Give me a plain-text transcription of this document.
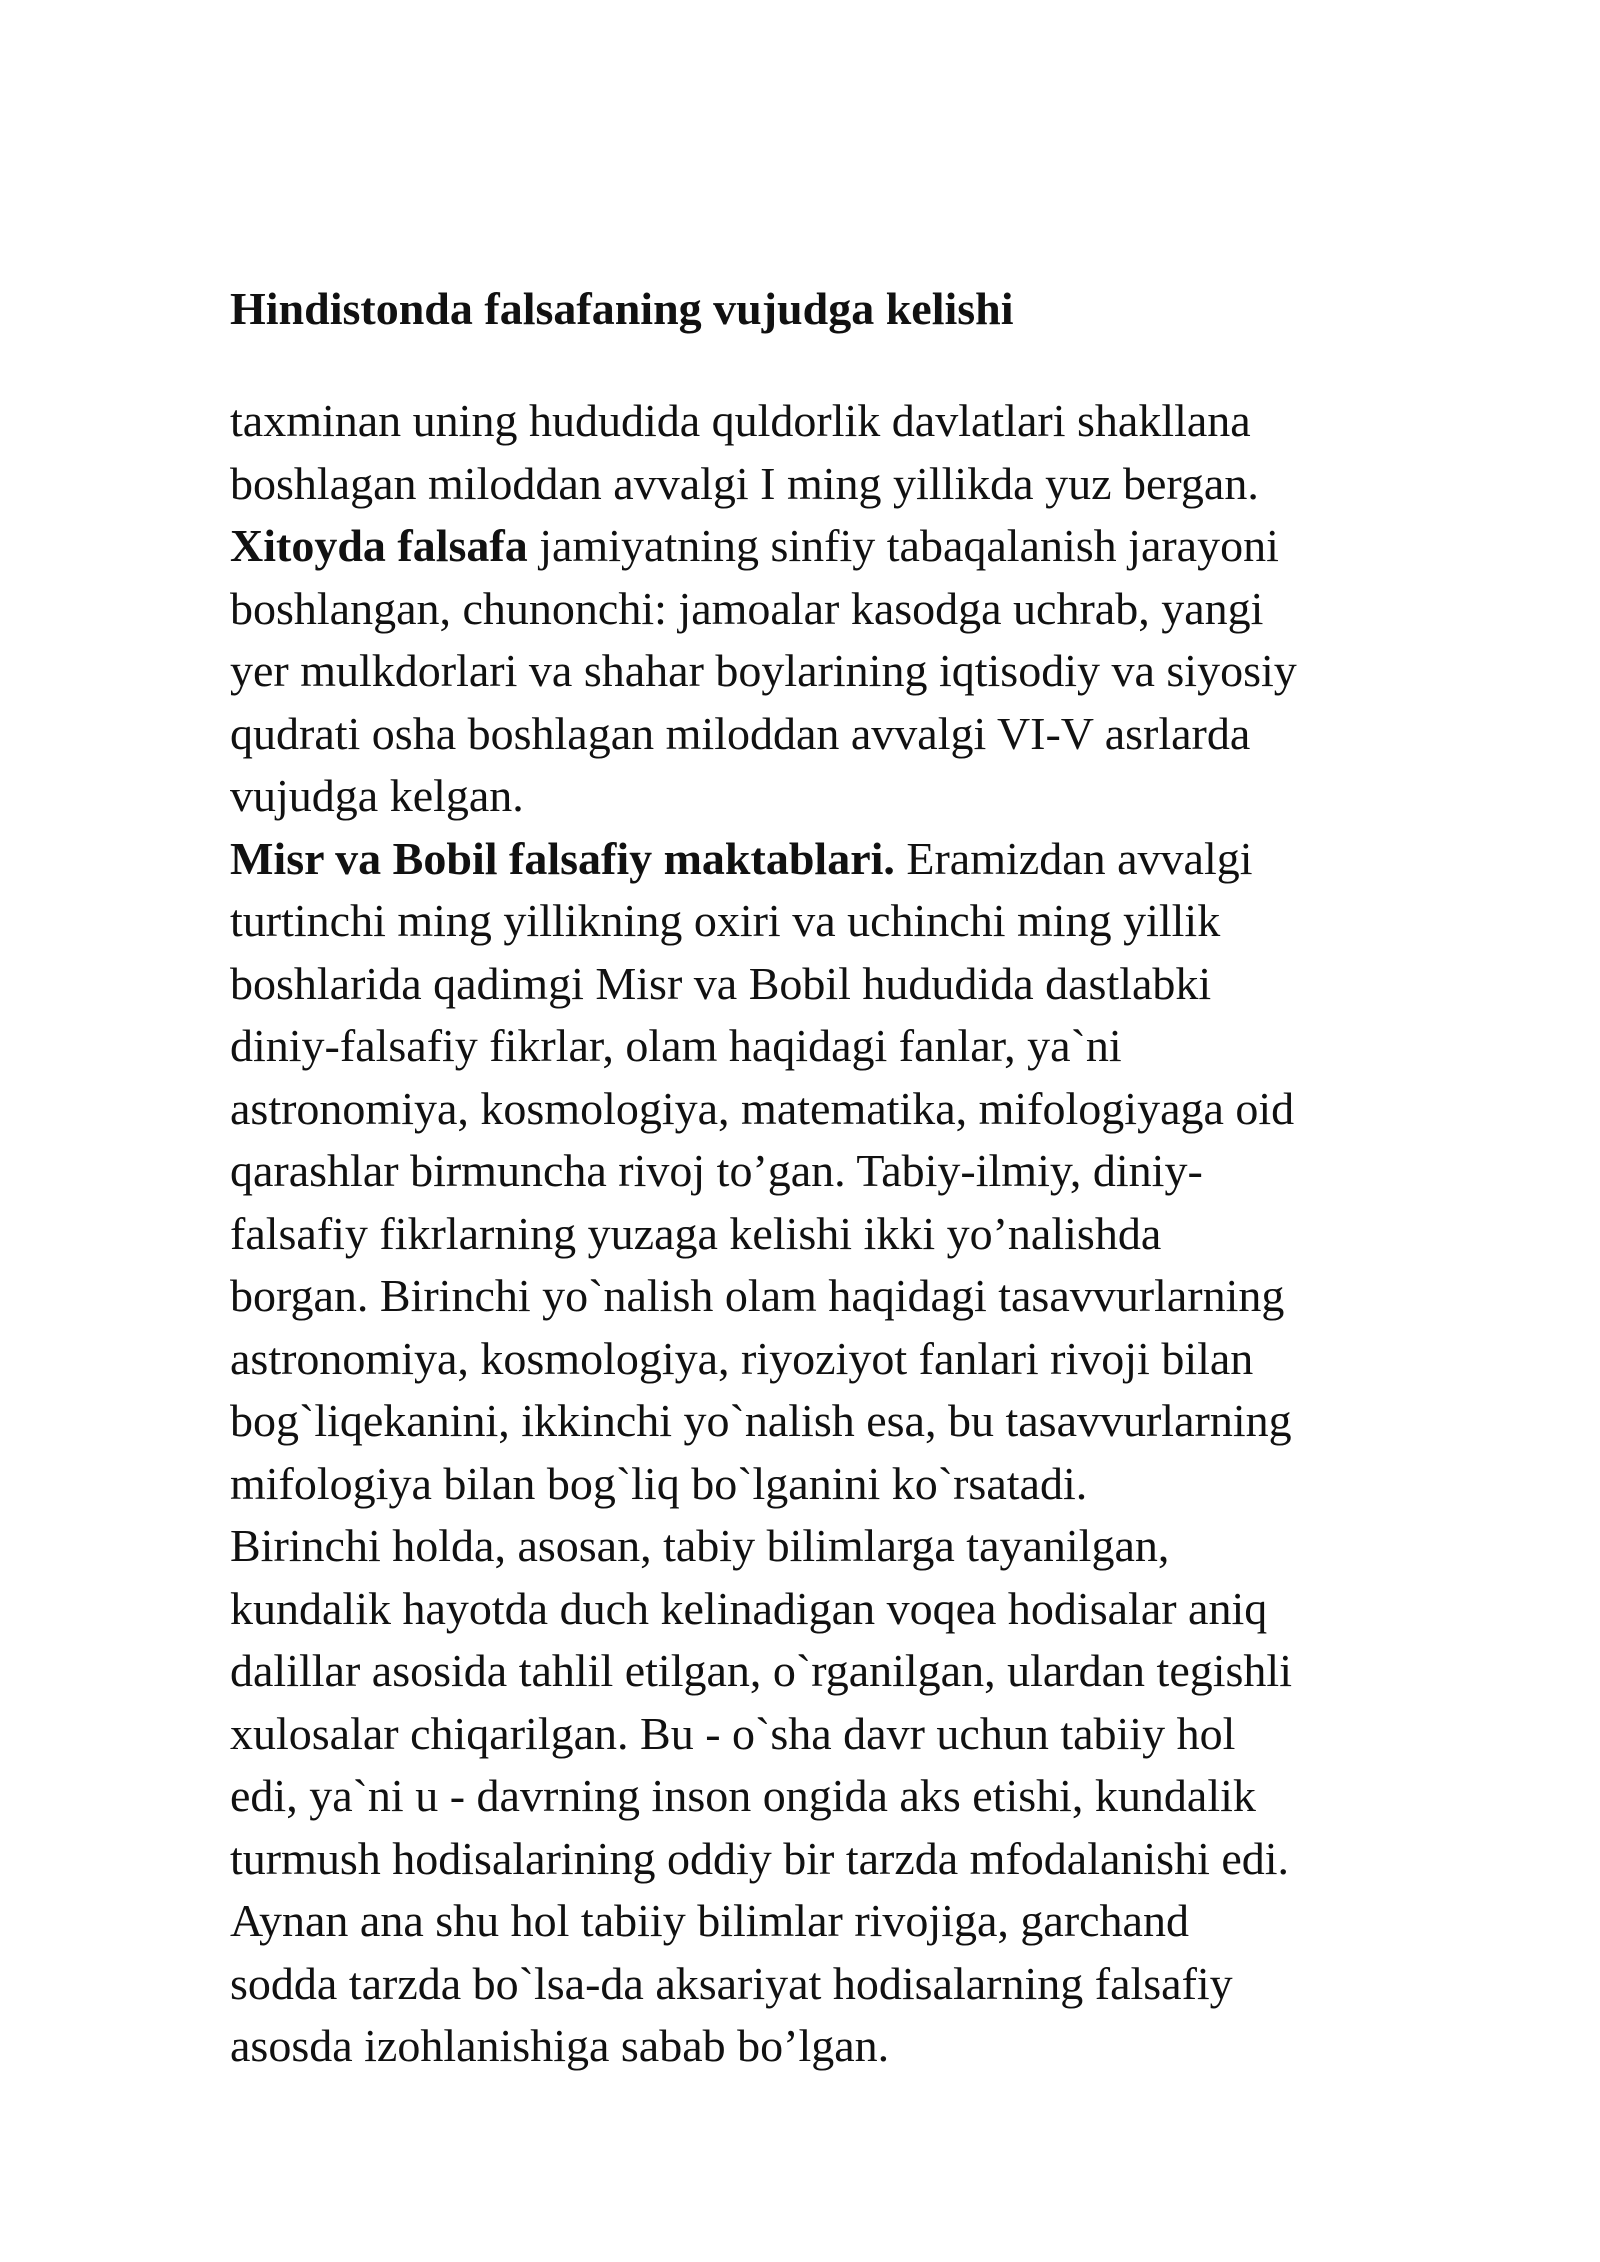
Hindistonda falsafaning vujudga kelishi

taxminan uning hududida quldorlik davlatlari shakllana

boshlagan miloddan avvalgi I ming yillikda yuz bergan.

Xitoyda falsafa jamiyatning sinfiy tabaqalanish jarayoni

boshlangan, chunonchi: jamoalar kasodga uchrab, yangi

yer mulkdorlari va shahar boylarining iqtisodiy va siyosiy

qudrati osha boshlagan miloddan avvalgi VI-V asrlarda

vujudga kelgan.

Misr va Bobil falsafiy maktablari. Eramizdan avvalgi

turtinchi ming yillikning oxiri va uchinchi ming yillik

boshlarida qadimgi Misr va Bobil hududida dastlabki

diniy-falsafiy fikrlar, olam haqidagi fanlar, ya`ni

astronomiya, kosmologiya, matematika, mifologiyaga oid

qarashlar birmuncha rivoj to’gan. Tabiy-ilmiy, diniy-

falsafiy fikrlarning yuzaga kelishi ikki yo’nalishda

borgan. Birinchi yo`nalish olam haqidagi tasavvurlarning

astronomiya, kosmologiya, riyoziyot fanlari rivoji bilan

bog`liqekanini, ikkinchi yo`nalish esa, bu tasavvurlarning

mifologiya bilan bog`liq bo`lganini ko`rsatadi.

Birinchi holda, asosan, tabiy bilimlarga tayanilgan,

kundalik hayotda duch kelinadigan voqea hodisalar aniq

dalillar asosida tahlil etilgan, o`rganilgan, ulardan tegishli

xulosalar chiqarilgan. Bu - o`sha davr uchun tabiiy hol

edi, ya`ni u - davrning inson ongida aks etishi, kundalik

turmush hodisalarining oddiy bir tarzda mfodalanishi edi.

Aynan ana shu hol tabiiy bilimlar rivojiga, garchand

sodda tarzda bo`lsa-da aksariyat hodisalarning falsafiy

asosda izohlanishiga sabab bo’lgan.
